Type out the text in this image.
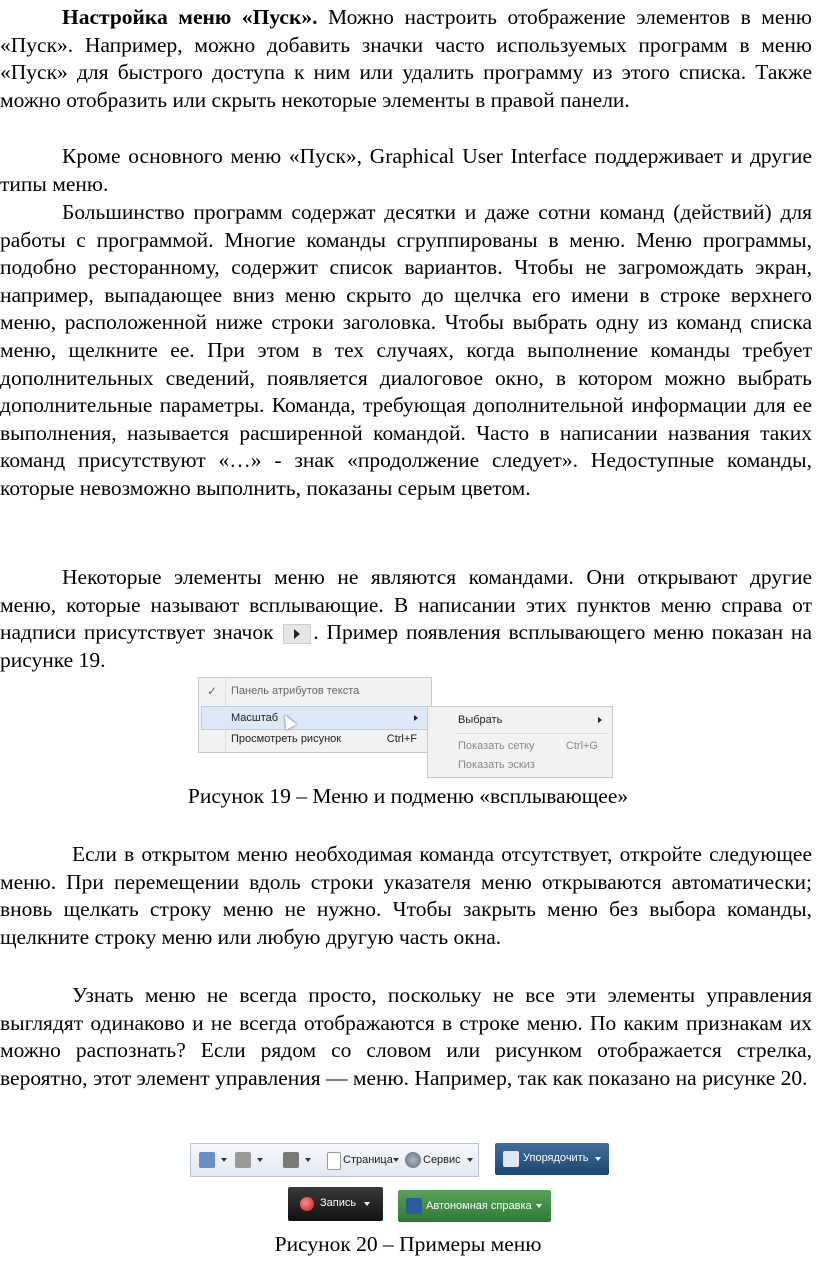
Настройка меню «Пуск». Можно настроить отображение элементов в меню «Пуск». Например, можно добавить значки часто используемых программ в меню «Пуск» для быстрого доступа к ним или удалить программу из этого списка. Также можно отобразить или скрыть некоторые элементы в правой панели.

Кроме основного меню «Пуск», Graphical User Interface поддерживает и другие типы меню.

Большинство программ содержат десятки и даже сотни команд (действий) для работы с программой. Многие команды сгруппированы в меню. Меню программы, подобно ресторанному, содержит список вариантов. Чтобы не загромождать экран, например, выпадающее вниз меню скрыто до щелчка его имени в строке верхнего меню, расположенной ниже строки заголовка. Чтобы выбрать одну из команд списка меню, щелкните ее. При этом в тех случаях, когда выполнение команды требует дополнительных сведений, появляется диалоговое окно, в котором можно выбрать дополнительные параметры. Команда, требующая дополнительной информации для ее выполнения, называется расширенной командой. Часто в написании названия таких команд присутствуют «…» - знак «продолжение следует». Недоступные команды, которые невозможно выполнить, показаны серым цветом.

Некоторые элементы меню не являются командами. Они открывают другие меню, которые называют всплывающие. В написании этих пунктов меню справа от надписи присутствует значок . Пример появления всплывающего меню показан на рисунке 19.

✓ Панель атрибутов текста
Масштаб
Просмотреть рисунок	Ctrl+F
Выбрать
Показать сетку	Ctrl+G
Показать эскиз

Рисунок 19 – Меню и подменю «всплывающее»

Если в открытом меню необходимая команда отсутствует, откройте следующее меню. При перемещении вдоль строки указателя меню открываются автоматически; вновь щелкать строку меню не нужно. Чтобы закрыть меню без выбора команды, щелкните строку меню или любую другую часть окна.

Узнать меню не всегда просто, поскольку не все эти элементы управления выглядят одинаково и не всегда отображаются в строке меню. По каким признакам их можно распознать? Если рядом со словом или рисунком отображается стрелка, вероятно, этот элемент управления — меню. Например, так как показано на рисунке 20.

Страница	Сервис	Упорядочить
Запись	Автономная справка

Рисунок 20 – Примеры меню
